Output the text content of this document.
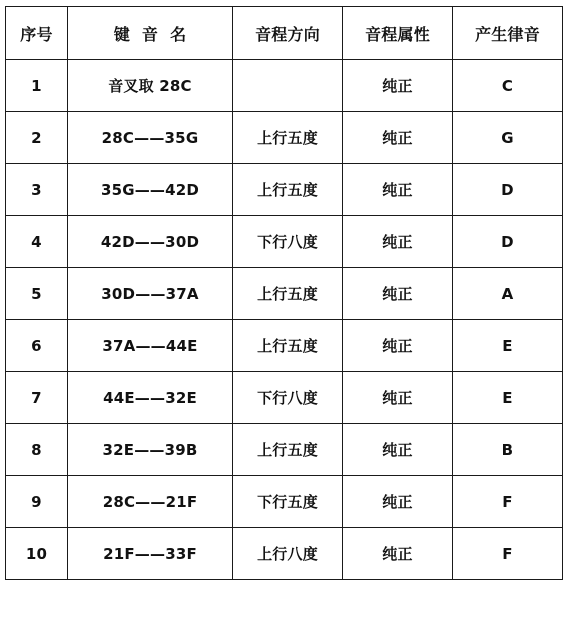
序号	键 音 名	音程方向	音程属性	产生律音
1	音叉取 28C		纯正	C
2	28C——35G	上行五度	纯正	G
3	35G——42D	上行五度	纯正	D
4	42D——30D	下行八度	纯正	D
5	30D——37A	上行五度	纯正	A
6	37A——44E	上行五度	纯正	E
7	44E——32E	下行八度	纯正	E
8	32E——39B	上行五度	纯正	B
9	28C——21F	下行五度	纯正	F
10	21F——33F	上行八度	纯正	F
